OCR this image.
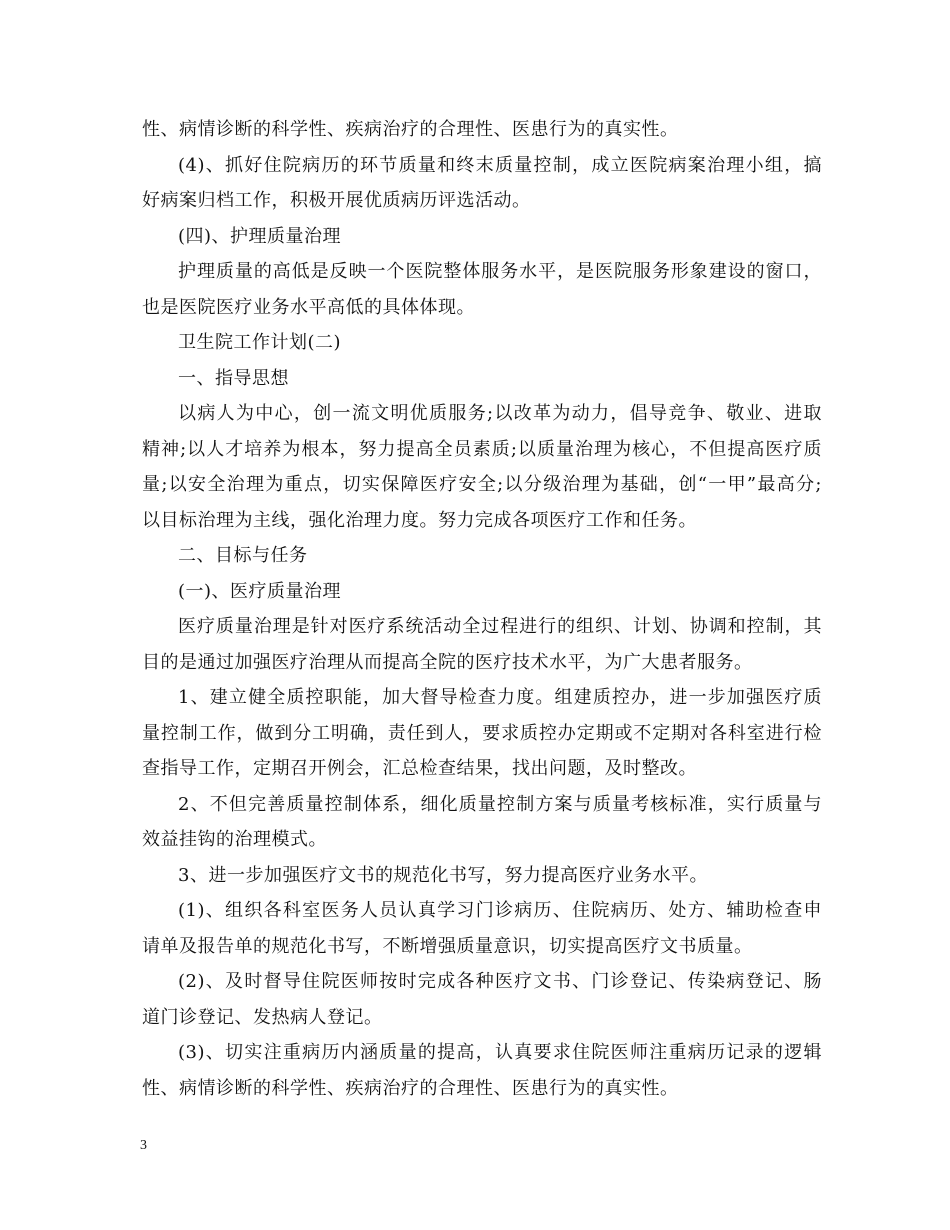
性、病情诊断的科学性、疾病治疗的合理性、医患行为的真实性。
(4)、抓好住院病历的环节质量和终末质量控制，成立医院病案治理小组，搞
好病案归档工作，积极开展优质病历评选活动。
(四)、护理质量治理
护理质量的高低是反映一个医院整体服务水平，是医院服务形象建设的窗口，
也是医院医疗业务水平高低的具体体现。
卫生院工作计划(二)
一、指导思想
以病人为中心，创一流文明优质服务;以改革为动力，倡导竞争、敬业、进取
精神;以人才培养为根本，努力提高全员素质;以质量治理为核心，不但提高医疗质
量;以安全治理为重点，切实保障医疗安全;以分级治理为基础，创“一甲”最高分;
以目标治理为主线，强化治理力度。努力完成各项医疗工作和任务。
二、目标与任务
(一)、医疗质量治理
医疗质量治理是针对医疗系统活动全过程进行的组织、计划、协调和控制，其
目的是通过加强医疗治理从而提高全院的医疗技术水平，为广大患者服务。
1、建立健全质控职能，加大督导检查力度。组建质控办，进一步加强医疗质
量控制工作，做到分工明确，责任到人，要求质控办定期或不定期对各科室进行检
查指导工作，定期召开例会，汇总检查结果，找出问题，及时整改。
2、不但完善质量控制体系，细化质量控制方案与质量考核标准，实行质量与
效益挂钩的治理模式。
3、进一步加强医疗文书的规范化书写，努力提高医疗业务水平。
(1)、组织各科室医务人员认真学习门诊病历、住院病历、处方、辅助检查申
请单及报告单的规范化书写，不断增强质量意识，切实提高医疗文书质量。
(2)、及时督导住院医师按时完成各种医疗文书、门诊登记、传染病登记、肠
道门诊登记、发热病人登记。
(3)、切实注重病历内涵质量的提高，认真要求住院医师注重病历记录的逻辑
性、病情诊断的科学性、疾病治疗的合理性、医患行为的真实性。
3
